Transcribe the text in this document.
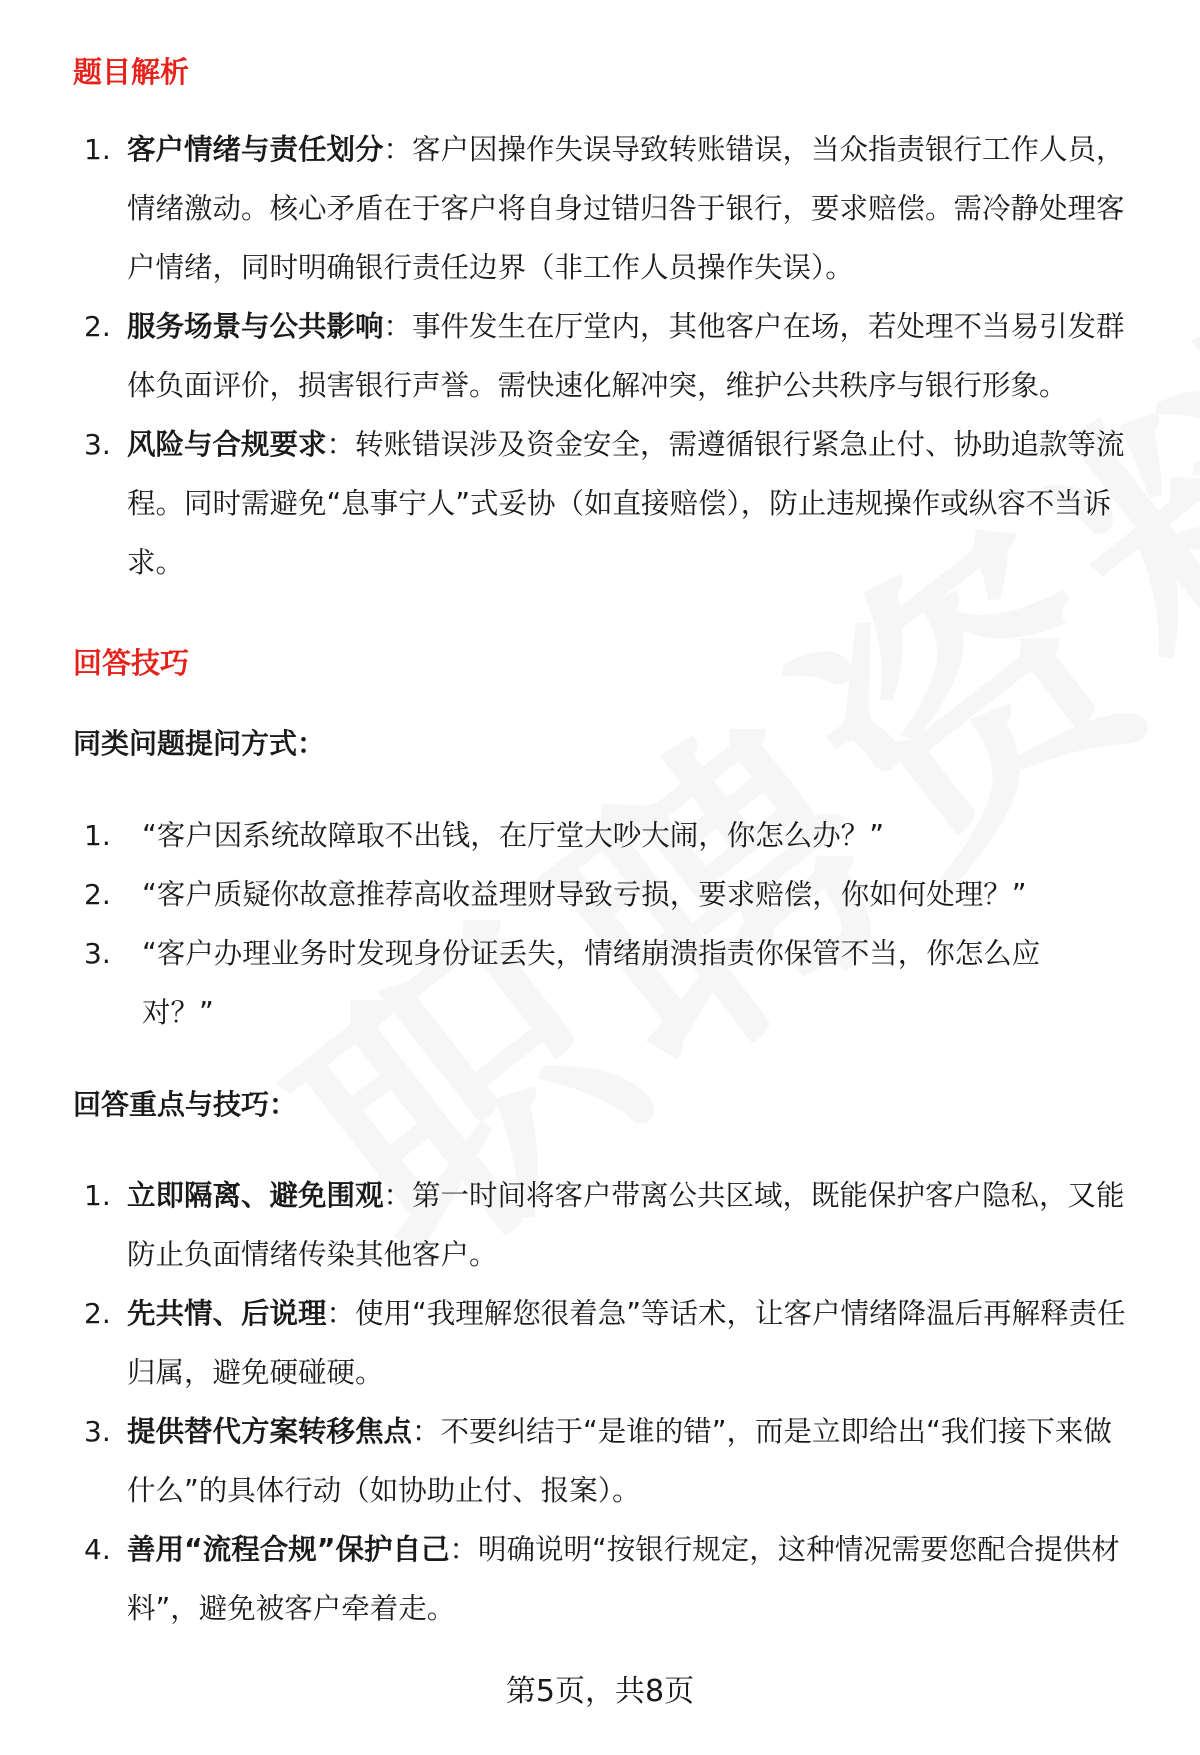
题目解析
1. 客户情绪与责任划分：客户因操作失误导致转账错误，当众指责银行工作人员，情绪激动。核心矛盾在于客户将自身过错归咎于银行，要求赔偿。需冷静处理客户情绪，同时明确银行责任边界（非工作人员操作失误）。
2. 服务场景与公共影响：事件发生在厅堂内，其他客户在场，若处理不当易引发群体负面评价，损害银行声誉。需快速化解冲突，维护公共秩序与银行形象。
3. 风险与合规要求：转账错误涉及资金安全，需遵循银行紧急止付、协助追款等流程。同时需避免“息事宁人”式妥协（如直接赔偿），防止违规操作或纵容不当诉求。
回答技巧
同类问题提问方式：
1. “客户因系统故障取不出钱，在厅堂大吵大闹，你怎么办？”
2. “客户质疑你故意推荐高收益理财导致亏损，要求赔偿，你如何处理？”
3. “客户办理业务时发现身份证丢失，情绪崩溃指责你保管不当，你怎么应对？”
回答重点与技巧：
1. 立即隔离、避免围观：第一时间将客户带离公共区域，既能保护客户隐私，又能防止负面情绪传染其他客户。
2. 先共情、后说理：使用“我理解您很着急”等话术，让客户情绪降温后再解释责任归属，避免硬碰硬。
3. 提供替代方案转移焦点：不要纠结于“是谁的错”，而是立即给出“我们接下来做什么”的具体行动（如协助止付、报案）。
4. 善用“流程合规”保护自己：明确说明“按银行规定，这种情况需要您配合提供材料”，避免被客户牵着走。
第5页，共8页
